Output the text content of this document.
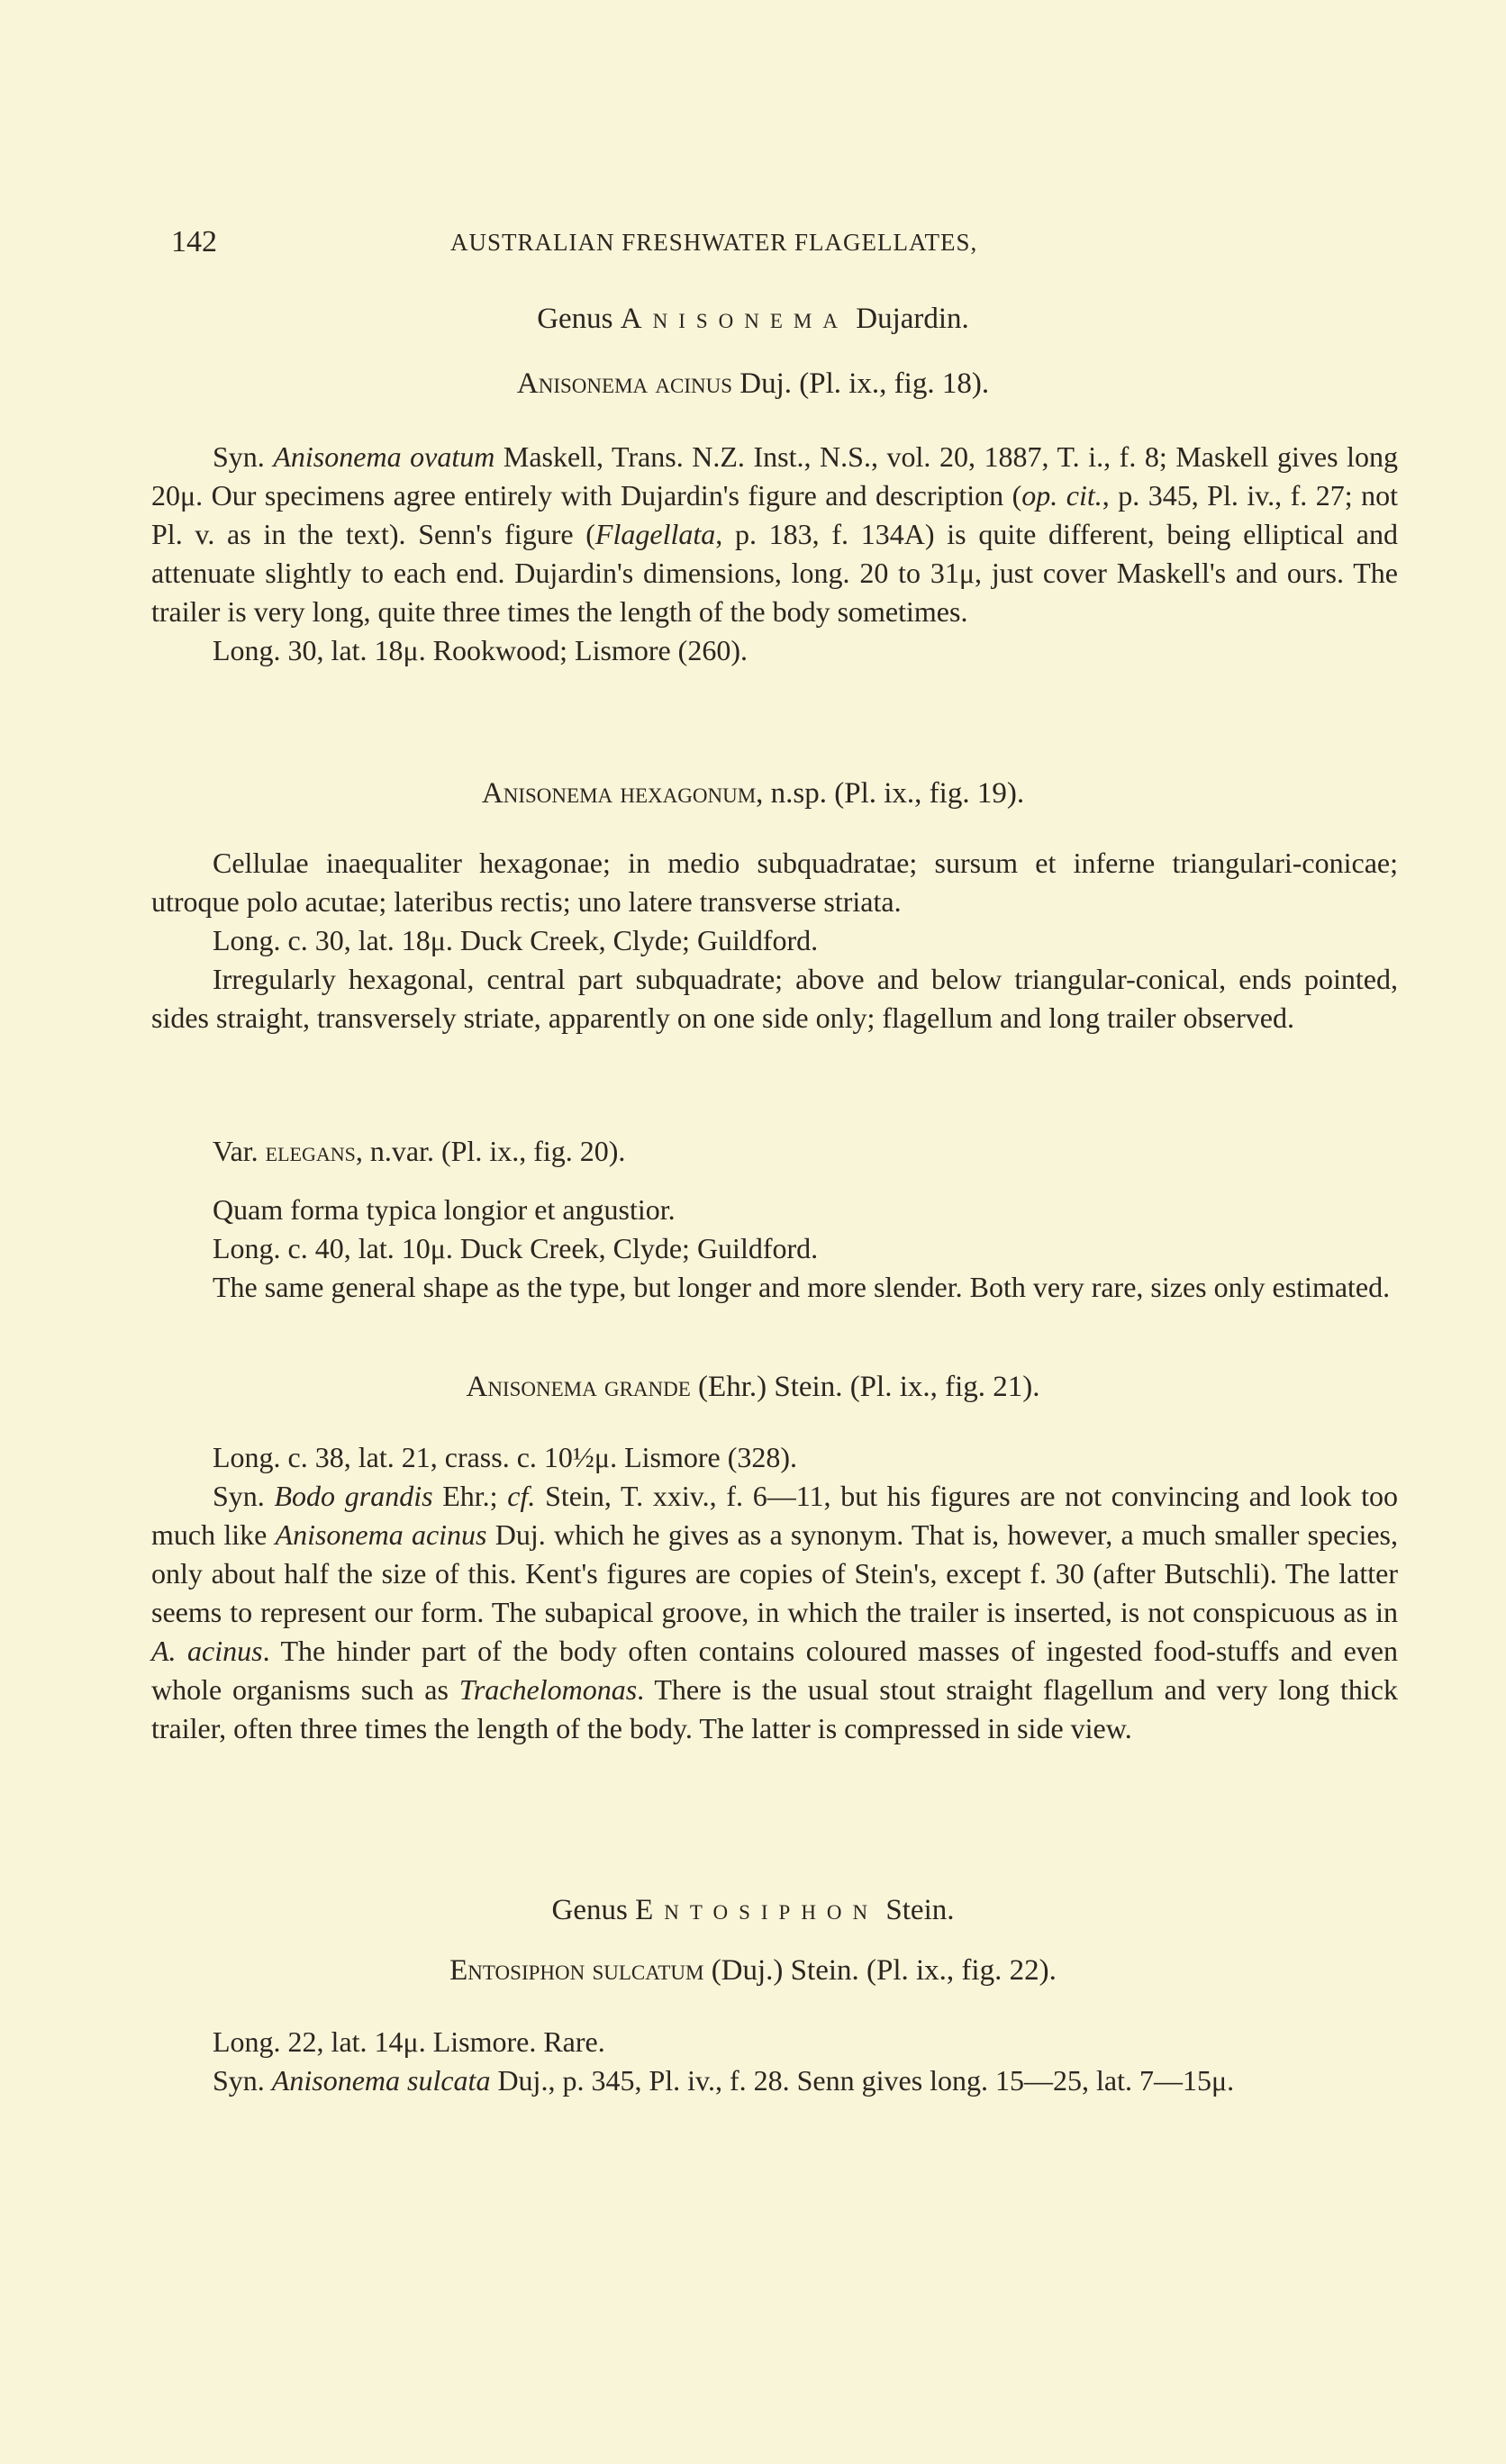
142	AUSTRALIAN FRESHWATER FLAGELLATES,
Genus Anisonema Dujardin.
Anisonema acinus Duj. (Pl. ix., fig. 18).

Syn. Anisonema ovatum Maskell, Trans. N.Z. Inst., N.S., vol. 20, 1887, T. i., f. 8; Maskell gives long 20μ. Our specimens agree entirely with Dujardin's figure and description (op. cit., p. 345, Pl. iv., f. 27; not Pl. v. as in the text). Senn's figure (Flagellata, p. 183, f. 134A) is quite different, being elliptical and attenuate slightly to each end. Dujardin's dimensions, long. 20 to 31μ, just cover Maskell's and ours. The trailer is very long, quite three times the length of the body sometimes.

Long. 30, lat. 18μ. Rookwood; Lismore (260).

Anisonema hexagonum, n.sp. (Pl. ix., fig. 19).

Cellulae inaequaliter hexagonae; in medio subquadratae; sursum et inferne triangulari-conicae; utroque polo acutae; lateribus rectis; uno latere transverse striata.

Long. c. 30, lat. 18μ. Duck Creek, Clyde; Guildford.

Irregularly hexagonal, central part subquadrate; above and below triangular-conical, ends pointed, sides straight, transversely striate, apparently on one side only; flagellum and long trailer observed.

Var. elegans, n.var. (Pl. ix., fig. 20).

Quam forma typica longior et angustior.

Long. c. 40, lat. 10μ. Duck Creek, Clyde; Guildford.

The same general shape as the type, but longer and more slender. Both very rare, sizes only estimated.

Anisonema grande (Ehr.) Stein. (Pl. ix., fig. 21).

Long. c. 38, lat. 21, crass. c. 10½μ. Lismore (328).

Syn. Bodo grandis Ehr.; cf. Stein, T. xxiv., f. 6—11, but his figures are not convincing and look too much like Anisonema acinus Duj. which he gives as a synonym. That is, however, a much smaller species, only about half the size of this. Kent's figures are copies of Stein's, except f. 30 (after Butschli). The latter seems to represent our form. The subapical groove, in which the trailer is inserted, is not conspicuous as in A. acinus. The hinder part of the body often contains coloured masses of ingested food-stuffs and even whole organisms such as Trachelomonas. There is the usual stout straight flagellum and very long thick trailer, often three times the length of the body. The latter is compressed in side view.

Genus Entosiphon Stein.
Entosiphon sulcatum (Duj.) Stein. (Pl. ix., fig. 22).

Long. 22, lat. 14μ. Lismore. Rare.

Syn. Anisonema sulcata Duj., p. 345, Pl. iv., f. 28. Senn gives long. 15—25, lat. 7—15μ.
